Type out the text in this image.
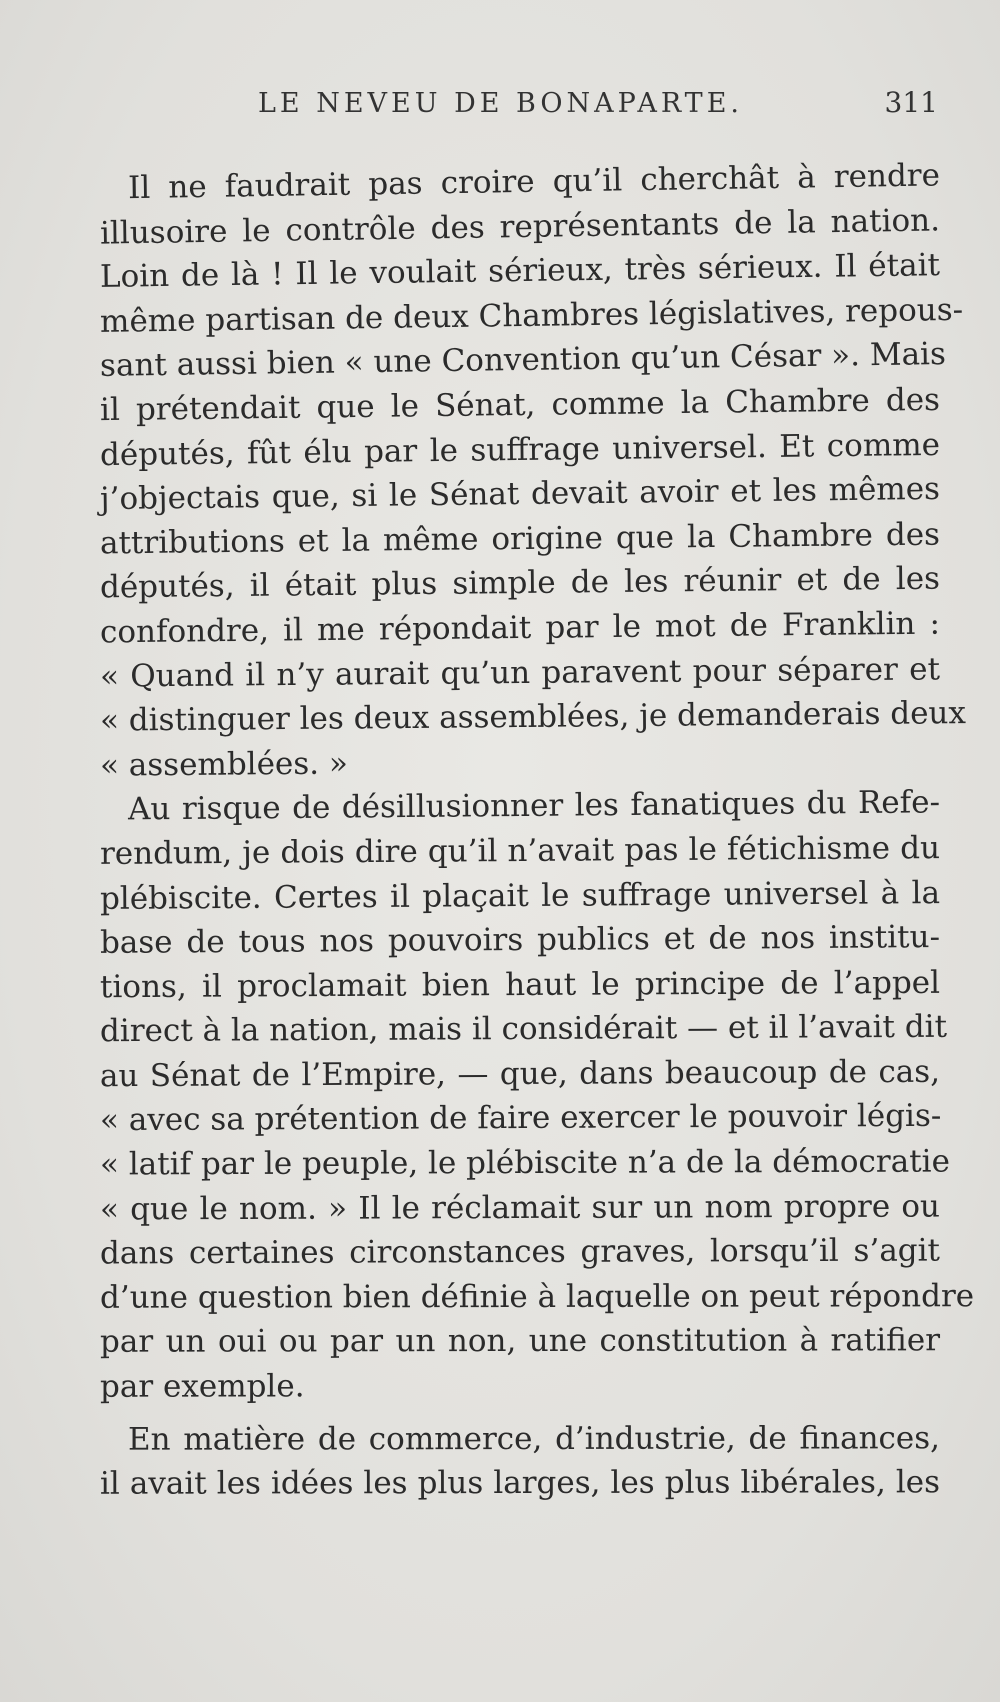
LE NEVEU DE BONAPARTE.	311
Il ne faudrait pas croire qu’il cherchât à rendre
illusoire le contrôle des représentants de la nation.
Loin de là ! Il le voulait sérieux, très sérieux. Il était
même partisan de deux Chambres législatives, repous-
sant aussi bien « une Convention qu’un César ». Mais
il prétendait que le Sénat, comme la Chambre des
députés, fût élu par le suffrage universel. Et comme
j’objectais que, si le Sénat devait avoir et les mêmes
attributions et la même origine que la Chambre des
députés, il était plus simple de les réunir et de les
confondre, il me répondait par le mot de Franklin :
« Quand il n’y aurait qu’un paravent pour séparer et
« distinguer les deux assemblées, je demanderais deux
« assemblées. »
Au risque de désillusionner les fanatiques du Refe-
rendum, je dois dire qu’il n’avait pas le fétichisme du
plébiscite. Certes il plaçait le suffrage universel à la
base de tous nos pouvoirs publics et de nos institu-
tions, il proclamait bien haut le principe de l’appel
direct à la nation, mais il considérait — et il l’avait dit
au Sénat de l’Empire, — que, dans beaucoup de cas,
« avec sa prétention de faire exercer le pouvoir légis-
« latif par le peuple, le plébiscite n’a de la démocratie
« que le nom. » Il le réclamait sur un nom propre ou
dans certaines circonstances graves, lorsqu’il s’agit
d’une question bien définie à laquelle on peut répondre
par un oui ou par un non, une constitution à ratifier
par exemple.
En matière de commerce, d’industrie, de finances,
il avait les idées les plus larges, les plus libérales, les
